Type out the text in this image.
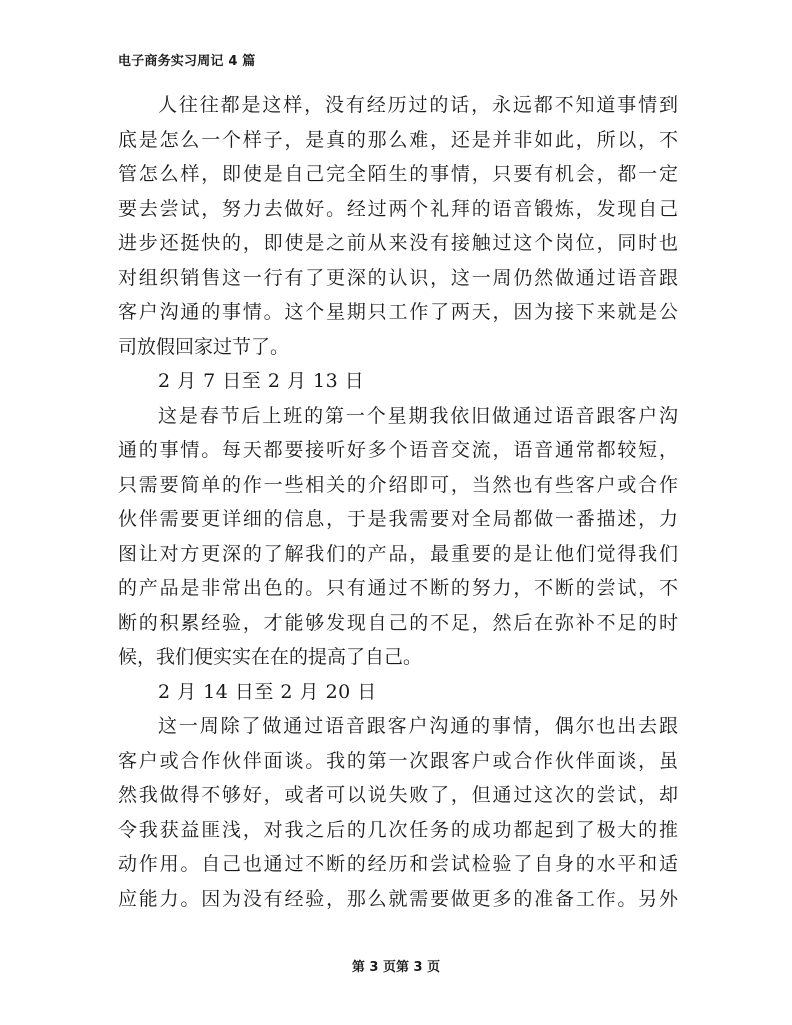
电子商务实习周记 4 篇
人往往都是这样，没有经历过的话，永远都不知道事情到
底是怎么一个样子，是真的那么难，还是并非如此，所以，不
管怎么样，即使是自己完全陌生的事情，只要有机会，都一定
要去尝试，努力去做好。经过两个礼拜的语音锻炼，发现自己
进步还挺快的，即使是之前从来没有接触过这个岗位，同时也
对组织销售这一行有了更深的认识，这一周仍然做通过语音跟
客户沟通的事情。这个星期只工作了两天，因为接下来就是公
司放假回家过节了。
2 月 7 日至 2 月 13 日
这是春节后上班的第一个星期我依旧做通过语音跟客户沟
通的事情。每天都要接听好多个语音交流，语音通常都较短，
只需要简单的作一些相关的介绍即可，当然也有些客户或合作
伙伴需要更详细的信息，于是我需要对全局都做一番描述，力
图让对方更深的了解我们的产品，最重要的是让他们觉得我们
的产品是非常出色的。只有通过不断的努力，不断的尝试，不
断的积累经验，才能够发现自己的不足，然后在弥补不足的时
候，我们便实实在在的提高了自己。
2 月 14 日至 2 月 20 日
这一周除了做通过语音跟客户沟通的事情，偶尔也出去跟
客户或合作伙伴面谈。我的第一次跟客户或合作伙伴面谈，虽
然我做得不够好，或者可以说失败了，但通过这次的尝试，却
令我获益匪浅，对我之后的几次任务的成功都起到了极大的推
动作用。自己也通过不断的经历和尝试检验了自身的水平和适
应能力。因为没有经验，那么就需要做更多的准备工作。另外
第 3 页第 3 页
